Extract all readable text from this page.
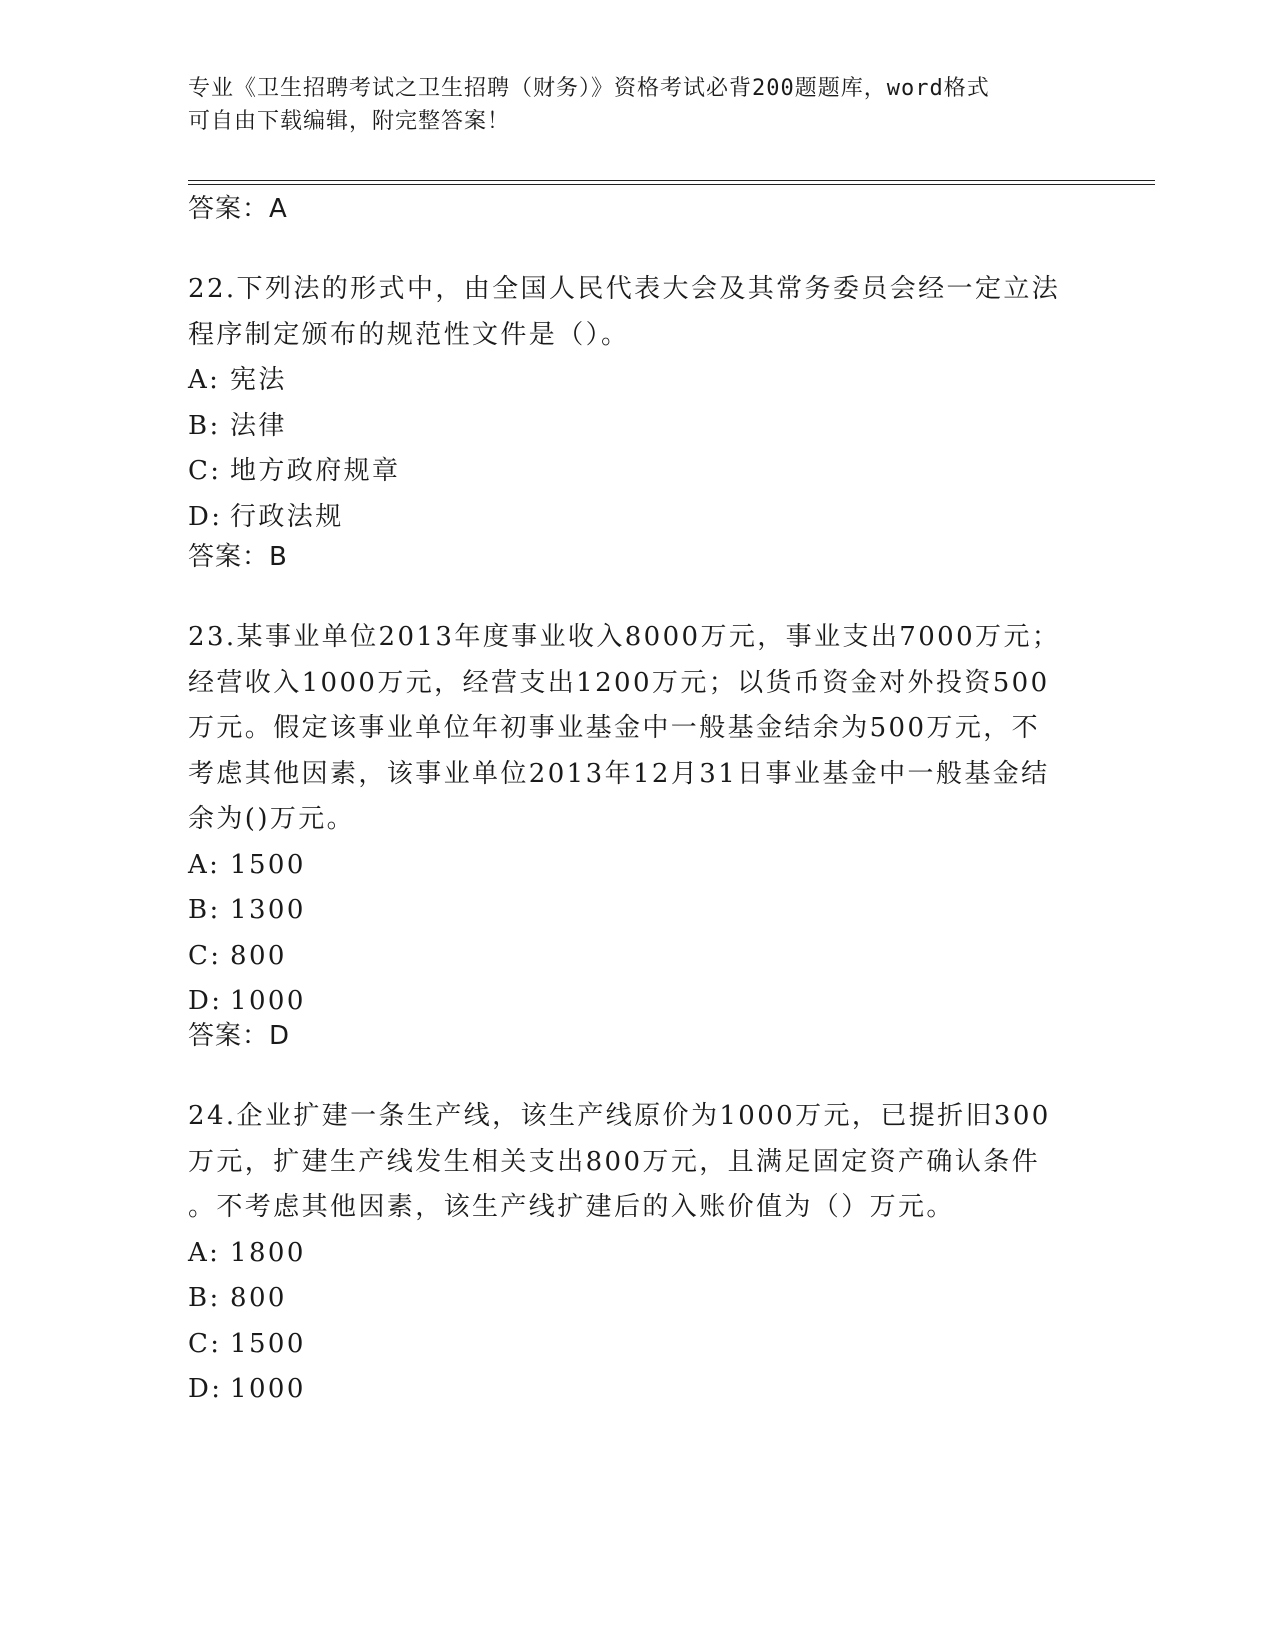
专业《卫生招聘考试之卫生招聘（财务）》资格考试必背200题题库，word格式
可自由下载编辑，附完整答案！
答案：A
22.下列法的形式中，由全国人民代表大会及其常务委员会经一定立法
程序制定颁布的规范性文件是（）。
A: 宪法
B: 法律
C: 地方政府规章
D: 行政法规
答案：B
23.某事业单位2013年度事业收入8000万元，事业支出7000万元；
经营收入1000万元，经营支出1200万元；以货币资金对外投资500
万元。假定该事业单位年初事业基金中一般基金结余为500万元，不
考虑其他因素，该事业单位2013年12月31日事业基金中一般基金结
余为()万元。
A: 1500
B: 1300
C: 800
D: 1000
答案：D
24.企业扩建一条生产线，该生产线原价为1000万元，已提折旧300
万元，扩建生产线发生相关支出800万元，且满足固定资产确认条件
。不考虑其他因素，该生产线扩建后的入账价值为（）万元。
A: 1800
B: 800
C: 1500
D: 1000
